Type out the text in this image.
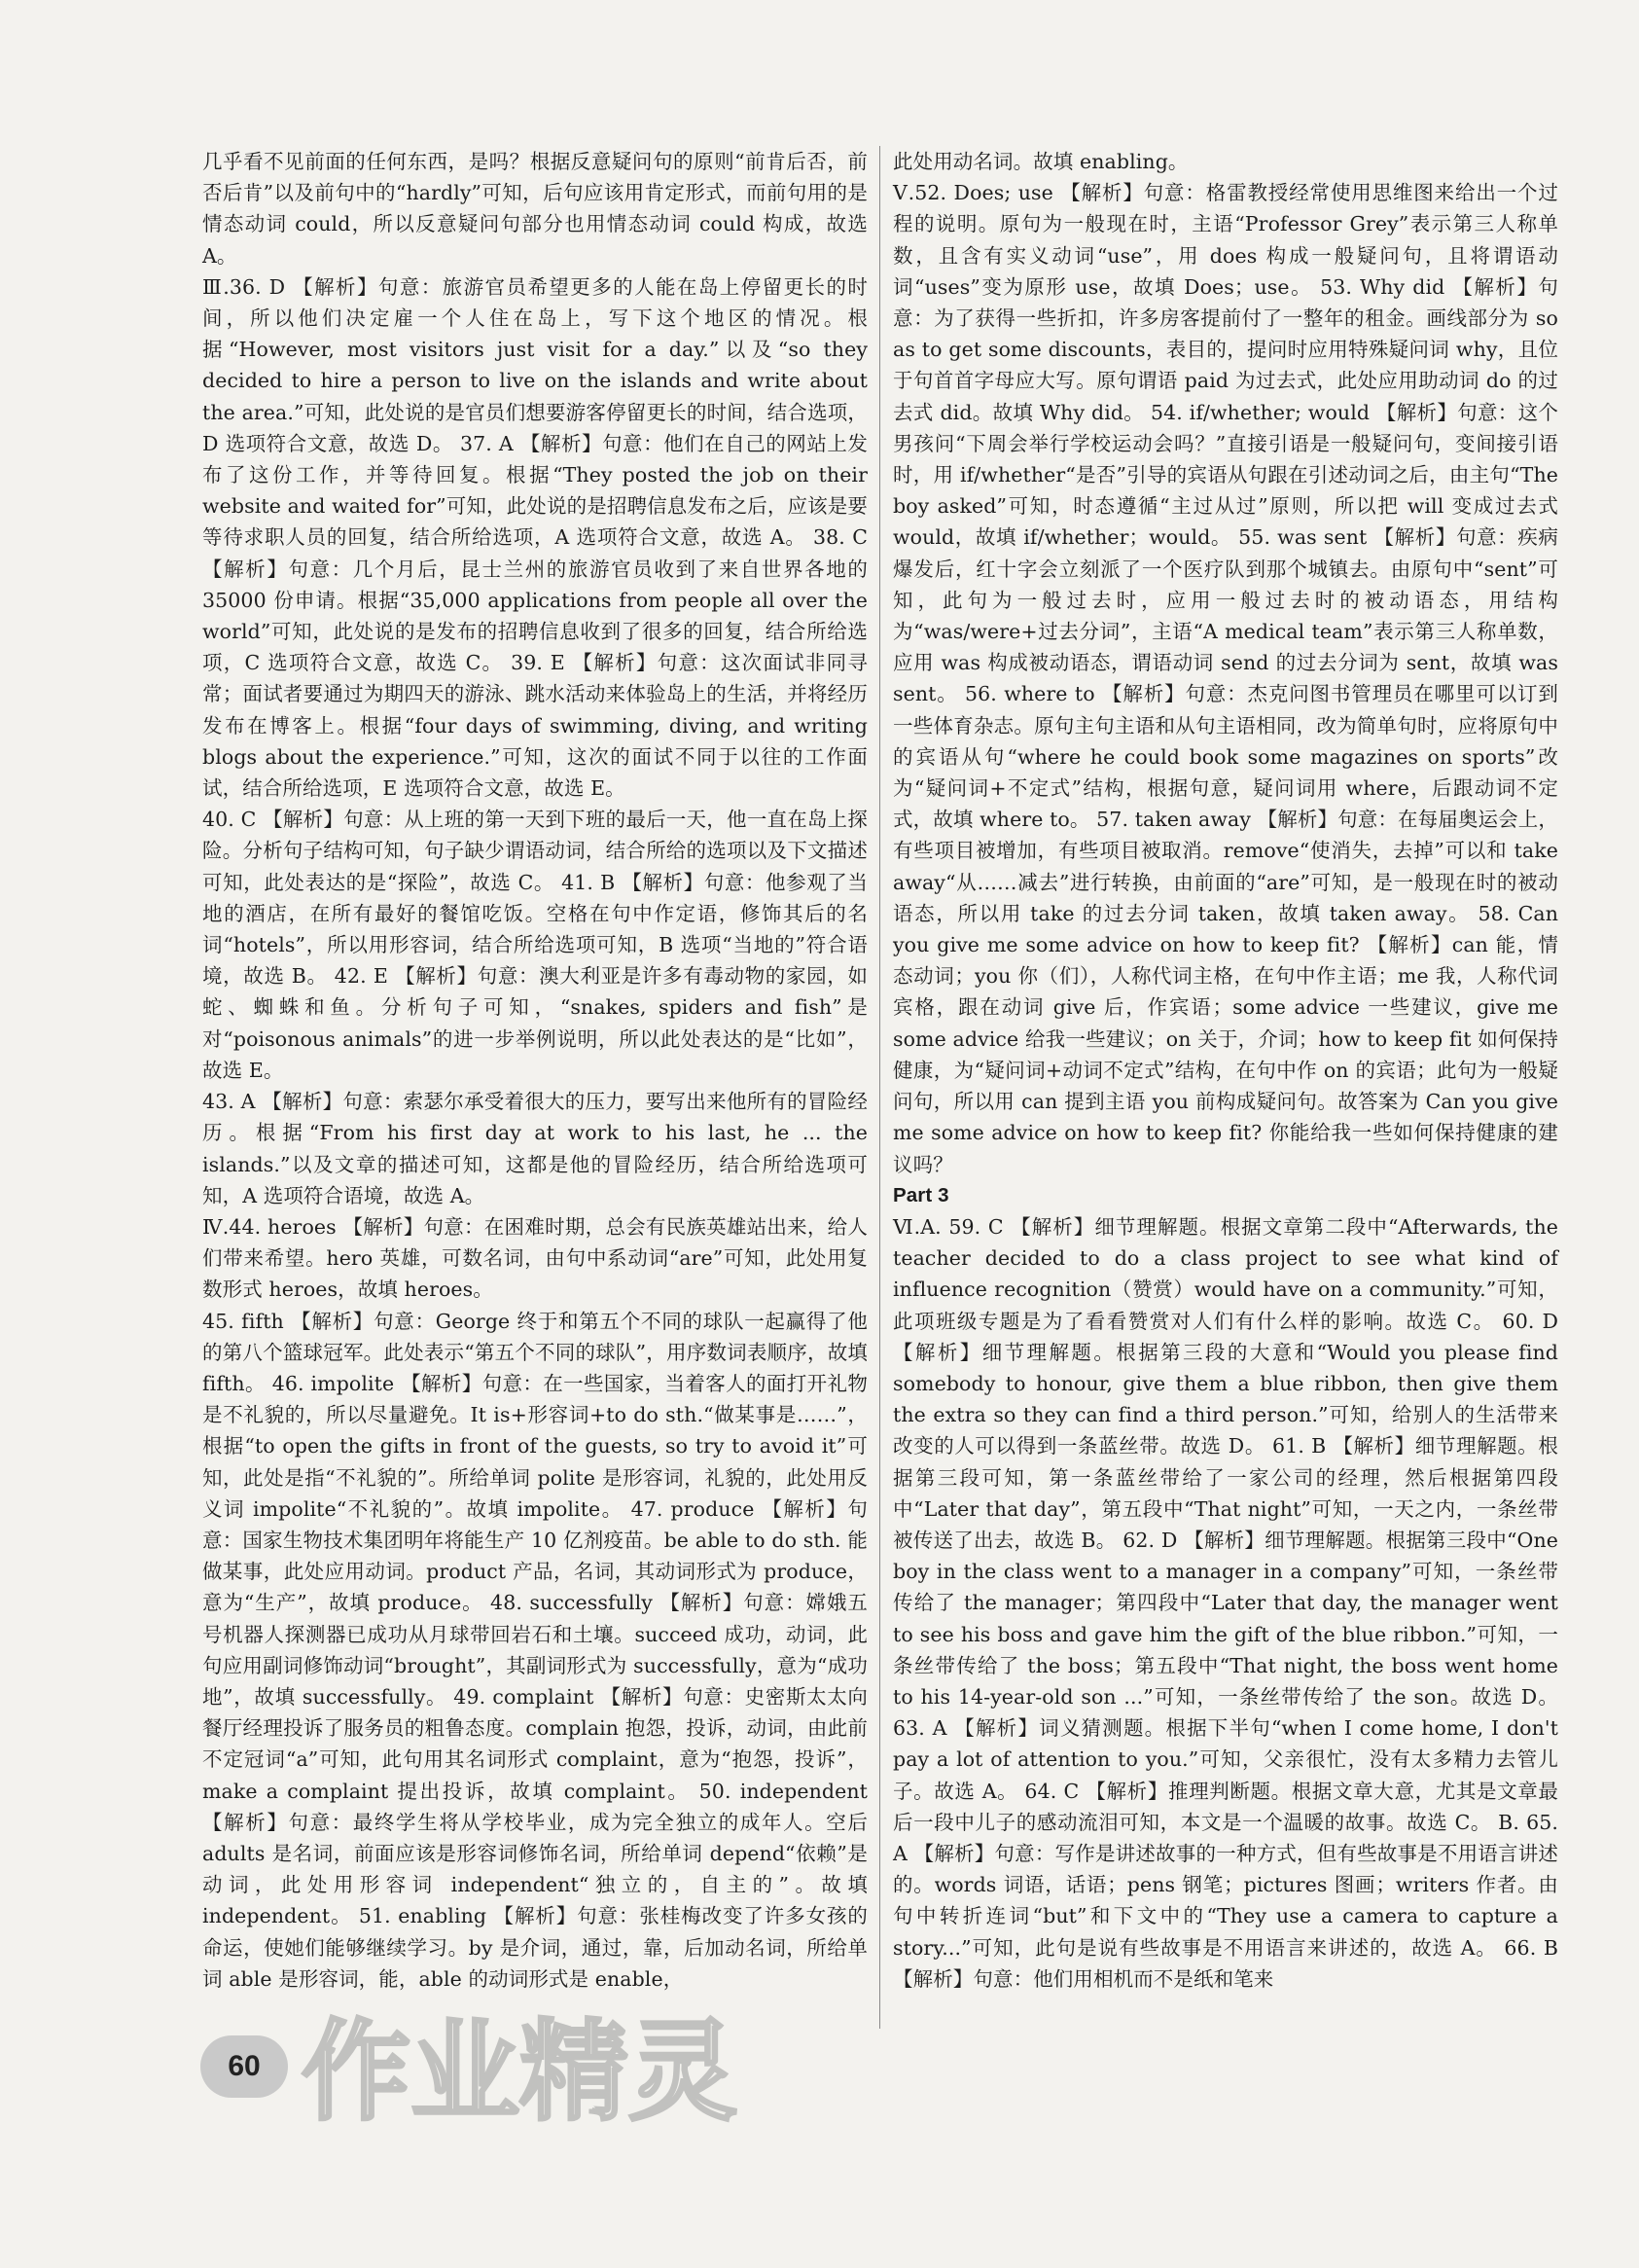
几乎看不见前面的任何东西，是吗？根据反意疑问句的原则“前肯后否，前否后肯”以及前句中的“hardly”可知，后句应该用肯定形式，而前句用的是情态动词 could，所以反意疑问句部分也用情态动词 could 构成，故选 A。

Ⅲ.36. D 【解析】句意：旅游官员希望更多的人能在岛上停留更长的时间，所以他们决定雇一个人住在岛上，写下这个地区的情况。根据“However, most visitors just visit for a day.”以及“so they decided to hire a person to live on the islands and write about the area.”可知，此处说的是官员们想要游客停留更长的时间，结合选项，D 选项符合文意，故选 D。 37. A 【解析】句意：他们在自己的网站上发布了这份工作，并等待回复。根据“They posted the job on their website and waited for”可知，此处说的是招聘信息发布之后，应该是要等待求职人员的回复，结合所给选项，A 选项符合文意，故选 A。 38. C 【解析】句意：几个月后，昆士兰州的旅游官员收到了来自世界各地的 35000 份申请。根据“35,000 applications from people all over the world”可知，此处说的是发布的招聘信息收到了很多的回复，结合所给选项，C 选项符合文意，故选 C。 39. E 【解析】句意：这次面试非同寻常；面试者要通过为期四天的游泳、跳水活动来体验岛上的生活，并将经历发布在博客上。根据“four days of swimming, diving, and writing blogs about the experience.”可知，这次的面试不同于以往的工作面试，结合所给选项，E 选项符合文意，故选 E。

40. C 【解析】句意：从上班的第一天到下班的最后一天，他一直在岛上探险。分析句子结构可知，句子缺少谓语动词，结合所给的选项以及下文描述可知，此处表达的是“探险”，故选 C。 41. B 【解析】句意：他参观了当地的酒店，在所有最好的餐馆吃饭。空格在句中作定语，修饰其后的名词“hotels”，所以用形容词，结合所给选项可知，B 选项“当地的”符合语境，故选 B。 42. E 【解析】句意：澳大利亚是许多有毒动物的家园，如蛇、蜘蛛和鱼。分析句子可知，“snakes, spiders and fish”是对“poisonous animals”的进一步举例说明，所以此处表达的是“比如”，故选 E。

43. A 【解析】句意：索瑟尔承受着很大的压力，要写出来他所有的冒险经历。根据“From his first day at work to his last, he ... the islands.”以及文章的描述可知，这都是他的冒险经历，结合所给选项可知，A 选项符合语境，故选 A。

Ⅳ.44. heroes 【解析】句意：在困难时期，总会有民族英雄站出来，给人们带来希望。hero 英雄，可数名词，由句中系动词“are”可知，此处用复数形式 heroes，故填 heroes。

45. fifth 【解析】句意：George 终于和第五个不同的球队一起赢得了他的第八个篮球冠军。此处表示“第五个不同的球队”，用序数词表顺序，故填 fifth。 46. impolite 【解析】句意：在一些国家，当着客人的面打开礼物是不礼貌的，所以尽量避免。It is+形容词+to do sth.“做某事是……”，根据“to open the gifts in front of the guests, so try to avoid it”可知，此处是指“不礼貌的”。所给单词 polite 是形容词，礼貌的，此处用反义词 impolite“不礼貌的”。故填 impolite。 47. produce 【解析】句意：国家生物技术集团明年将能生产 10 亿剂疫苗。be able to do sth. 能做某事，此处应用动词。product 产品，名词，其动词形式为 produce，意为“生产”，故填 produce。 48. successfully 【解析】句意：嫦娥五号机器人探测器已成功从月球带回岩石和土壤。succeed 成功，动词，此句应用副词修饰动词“brought”，其副词形式为 successfully，意为“成功地”，故填 successfully。 49. complaint 【解析】句意：史密斯太太向餐厅经理投诉了服务员的粗鲁态度。complain 抱怨，投诉，动词，由此前不定冠词“a”可知，此句用其名词形式 complaint，意为“抱怨，投诉”，make a complaint 提出投诉，故填 complaint。 50. independent 【解析】句意：最终学生将从学校毕业，成为完全独立的成年人。空后 adults 是名词，前面应该是形容词修饰名词，所给单词 depend“依赖”是动词，此处用形容词 independent“独立的，自主的”。故填 independent。 51. enabling 【解析】句意：张桂梅改变了许多女孩的命运，使她们能够继续学习。by 是介词，通过，靠，后加动名词，所给单词 able 是形容词，能，able 的动词形式是 enable，

此处用动名词。故填 enabling。

Ⅴ.52. Does; use 【解析】句意：格雷教授经常使用思维图来给出一个过程的说明。原句为一般现在时，主语“Professor Grey”表示第三人称单数，且含有实义动词“use”，用 does 构成一般疑问句，且将谓语动词“uses”变为原形 use，故填 Does；use。 53. Why did 【解析】句意：为了获得一些折扣，许多房客提前付了一整年的租金。画线部分为 so as to get some discounts，表目的，提问时应用特殊疑问词 why，且位于句首首字母应大写。原句谓语 paid 为过去式，此处应用助动词 do 的过去式 did。故填 Why did。 54. if/whether; would 【解析】句意：这个男孩问“下周会举行学校运动会吗？”直接引语是一般疑问句，变间接引语时，用 if/whether“是否”引导的宾语从句跟在引述动词之后，由主句“The boy asked”可知，时态遵循“主过从过”原则，所以把 will 变成过去式 would，故填 if/whether；would。 55. was sent 【解析】句意：疾病爆发后，红十字会立刻派了一个医疗队到那个城镇去。由原句中“sent”可知，此句为一般过去时，应用一般过去时的被动语态，用结构为“was/were+过去分词”，主语“A medical team”表示第三人称单数，应用 was 构成被动语态，谓语动词 send 的过去分词为 sent，故填 was sent。 56. where to 【解析】句意：杰克问图书管理员在哪里可以订到一些体育杂志。原句主句主语和从句主语相同，改为简单句时，应将原句中的宾语从句“where he could book some magazines on sports”改为“疑问词+不定式”结构，根据句意，疑问词用 where，后跟动词不定式，故填 where to。 57. taken away 【解析】句意：在每届奥运会上，有些项目被增加，有些项目被取消。remove“使消失，去掉”可以和 take away“从……减去”进行转换，由前面的“are”可知，是一般现在时的被动语态，所以用 take 的过去分词 taken，故填 taken away。 58. Can you give me some advice on how to keep fit? 【解析】can 能，情态动词；you 你（们），人称代词主格，在句中作主语；me 我，人称代词宾格，跟在动词 give 后，作宾语；some advice 一些建议，give me some advice 给我一些建议；on 关于，介词；how to keep fit 如何保持健康，为“疑问词+动词不定式”结构，在句中作 on 的宾语；此句为一般疑问句，所以用 can 提到主语 you 前构成疑问句。故答案为 Can you give me some advice on how to keep fit? 你能给我一些如何保持健康的建议吗？

Part 3

Ⅵ.A. 59. C 【解析】细节理解题。根据文章第二段中“Afterwards, the teacher decided to do a class project to see what kind of influence recognition（赞赏）would have on a community.”可知，此项班级专题是为了看看赞赏对人们有什么样的影响。故选 C。 60. D 【解析】细节理解题。根据第三段的大意和“Would you please find somebody to honour, give them a blue ribbon, then give them the extra so they can find a third person.”可知，给别人的生活带来改变的人可以得到一条蓝丝带。故选 D。 61. B 【解析】细节理解题。根据第三段可知，第一条蓝丝带给了一家公司的经理，然后根据第四段中“Later that day”，第五段中“That night”可知，一天之内，一条丝带被传送了出去，故选 B。 62. D 【解析】细节理解题。根据第三段中“One boy in the class went to a manager in a company”可知，一条丝带传给了 the manager；第四段中“Later that day, the manager went to see his boss and gave him the gift of the blue ribbon.”可知，一条丝带传给了 the boss；第五段中“That night, the boss went home to his 14-year-old son ...”可知，一条丝带传给了 the son。故选 D。 63. A 【解析】词义猜测题。根据下半句“when I come home, I don't pay a lot of attention to you.”可知，父亲很忙，没有太多精力去管儿子。故选 A。 64. C 【解析】推理判断题。根据文章大意，尤其是文章最后一段中儿子的感动流泪可知，本文是一个温暖的故事。故选 C。 B. 65. A 【解析】句意：写作是讲述故事的一种方式，但有些故事是不用语言讲述的。words 词语，话语；pens 钢笔；pictures 图画；writers 作者。由句中转折连词“but”和下文中的“They use a camera to capture a story...”可知，此句是说有些故事是不用语言来讲述的，故选 A。 66. B 【解析】句意：他们用相机而不是纸和笔来

60 作业精灵
